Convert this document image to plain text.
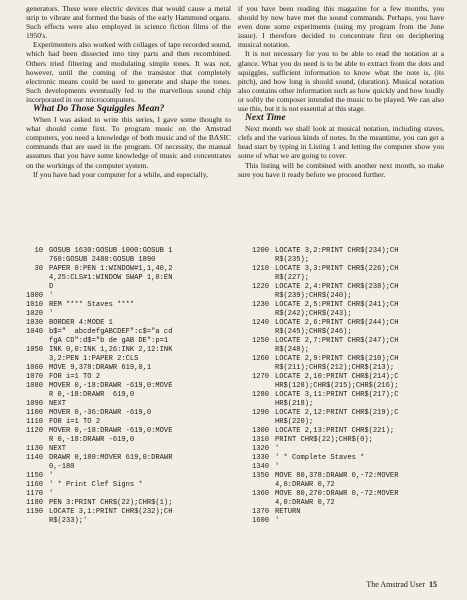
generators. These were electric devices that would cause a metal strip to vibrate and formed the basis of the early Hammond organs. Such effects were also employed in science fiction films of the 1950's.

Experimenters also worked with collages of tape recorded sound, which had been dissected into tiny parts and then recombined. Others tried filtering and modulating simple tones. It was not, however, until the coming of the transistor that completely electronic means could be used to generate and shape the tones. Such developments eventually led to the marvellous sound chip incorporated in our microcomputers.

What Do Those Squiggles Mean?

When I was asked to write this series, I gave some thought to what should come first. To program music on the Amstrad computers, you need a knowledge of both music and of the BASIC commands that are used in the program. Of necessity, the manual assumes that you have some knowledge of music and concentrates on the workings of the computer system.

If you have had your computer for a while, and especially,

if you have been reading this magazine for a few months, you should by now have met the sound commands. Perhaps, you have even done some experiments (using my program from the June issue). I therefore decided to concentrate first on deciphering musical notation.

It is not necessary for you to be able to read the notation at a glance. What you do need is to be able to extract from the dots and squiggles, sufficient information to know what the note is, (its pitch), and how long is should sound, (duration). Musical notation also contains other information such as how quickly and how loudly or softly the composer intended the music to be played. We can also use this, but it is not essential at this stage.

Next Time

Next month we shall look at musical notation, including staves, clefs and the various kinds of notes. In the meantime, you can get a head start by typing in Listing 1 and letting the computer show you some of what we are going to cover.

This listing will be combined with another next month, so make sure you have it ready before we proceed further.

10 GOSUB 1630:GOSUB 1000:GOSUB 1
760:GOSUB 2480:GOSUB 1890
30 PAPER 0:PEN 1:WINDOW#1,1,40,2
4,25:CLS#1:WINDOW SWAP 1,0:EN
D
1000 '
1010 REM **** Staves ****
1020 '
1030 BORDER 4:MODE 1
1040 b$="  abcdefgABCDEF":c$="a cd
fgA CD":d$="b de gAB DE":p=1
1050 INK 0,0:INK 1,26:INK 2,12:INK
3,2:PEN 1:PAPER 2:CLS
1060 MOVE 9,378:DRAWR 619,0,1
1070 FOR i=1 TO 2
1080 MOVER 0,-18:DRAWR -619,0:MOVE
R 0,-18:DRAWR  619,0
1090 NEXT
1100 MOVER 0,-36:DRAWR -619,0
1110 FOR i=1 TO 2
1120 MOVER 0,-18:DRAWR -619,0:MOVE
R 0,-18:DRAWR -619,0
1130 NEXT
1140 DRAWR 0,180:MOVER 619,0:DRAWR
0,-180
1150 '
1160 ' * Print Clef Signs *
1170 '
1180 PEN 3:PRINT CHR$(22);CHR$(1);
1190 LOCATE 3,1:PRINT CHR$(232);CH
R$(233);'
1200 LOCATE 3,2:PRINT CHR$(234);CH
R$(235);
1210 LOCATE 3,3:PRINT CHR$(226);CH
R$(227);
1220 LOCATE 2,4:PRINT CHR$(238);CH
R$(239);CHR$(240);
1230 LOCATE 2,5:PRINT CHR$(241);CH
R$(242);CHR$(243);
1240 LOCATE 2,6:PRINT CHR$(244);CH
R$(245);CHR$(246);
1250 LOCATE 2,7:PRINT CHR$(247);CH
R$(248);
1260 LOCATE 2,9:PRINT CHR$(210);CH
R$(211);CHR$(212);CHR$(213);
1270 LOCATE 2,10:PRINT CHR$(214);C
HR$(128);CHR$(215);CHR$(216);
1280 LOCATE 3,11:PRINT CHR$(217);C
HR$(218);
1290 LOCATE 2,12:PRINT CHR$(219);C
HR$(220);
1300 LOCATE 2,13:PRINT CHR$(221);
1310 PRINT CHR$(22);CHR$(0);
1320 '
1330 ' * Complete Staves *
1340 '
1350 MOVE 80,378:DRAWR 0,-72:MOVER
4,0:DRAWR 0,72
1360 MOVE 80,270:DRAWR 0,-72:MOVER
4,0:DRAWR 0,72
1370 RETURN
1600 '
The Amstrad User 15
